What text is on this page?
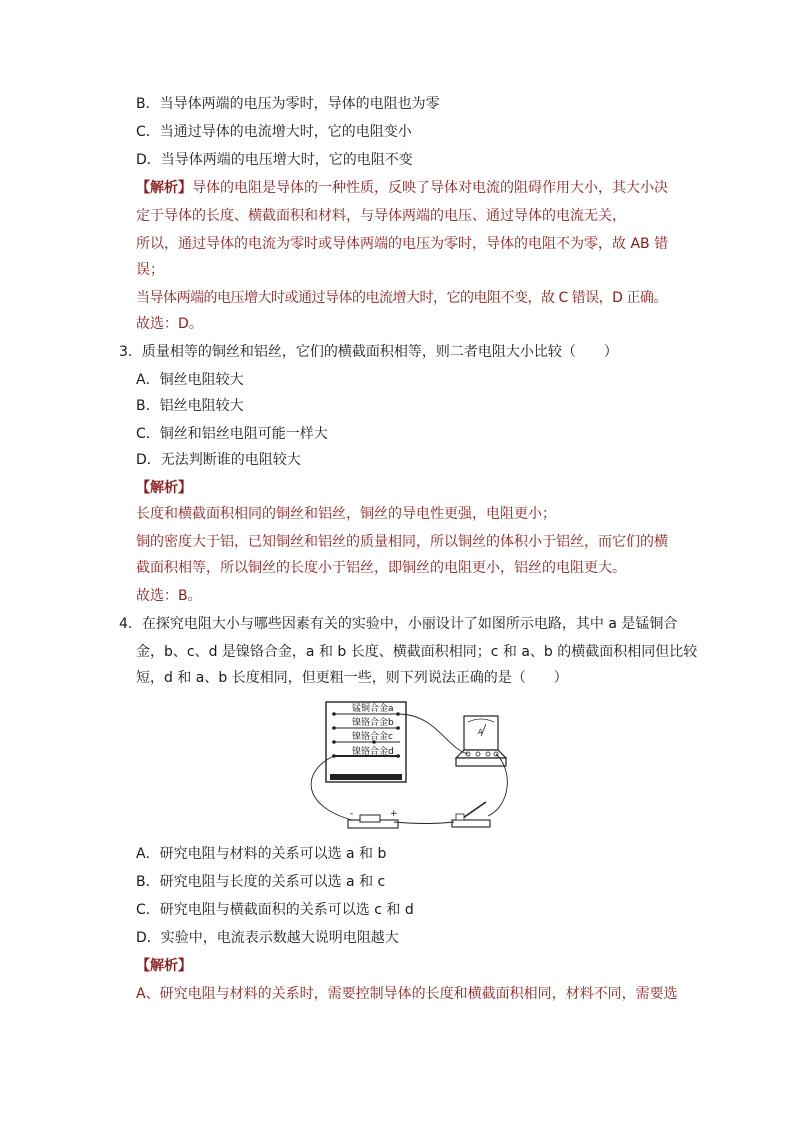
B．当导体两端的电压为零时，导体的电阻也为零
C．当通过导体的电流增大时，它的电阻变小
D．当导体两端的电压增大时，它的电阻不变
【解析】导体的电阻是导体的一种性质，反映了导体对电流的阻碍作用大小，其大小决
定于导体的长度、横截面积和材料，与导体两端的电压、通过导体的电流无关，
所以，通过导体的电流为零时或导体两端的电压为零时，导体的电阻不为零，故 AB 错
误；
当导体两端的电压增大时或通过导体的电流增大时，它的电阻不变，故 C 错误，D 正确。
故选：D。
3．质量相等的铜丝和铝丝，它们的横截面积相等，则二者电阻大小比较（　　）
A．铜丝电阻较大
B．铝丝电阻较大
C．铜丝和铝丝电阻可能一样大
D．无法判断谁的电阻较大
【解析】
长度和横截面积相同的铜丝和铝丝，铜丝的导电性更强，电阻更小；
铜的密度大于铝，已知铜丝和铝丝的质量相同，所以铜丝的体积小于铝丝，而它们的横
截面积相等，所以铜丝的长度小于铝丝，即铜丝的电阻更小，铝丝的电阻更大。
故选：B。
4．在探究电阻大小与哪些因素有关的实验中，小丽设计了如图所示电路，其中 a 是锰铜合
金，b、c、d 是镍铬合金，a 和 b 长度、横截面积相同；c 和 a、b 的横截面积相同但比较
短，d 和 a、b 长度相同，但更粗一些，则下列说法正确的是（　　）
锰铜合金a
镍铬合金b
镍铬合金c
镍铬合金d
A
-	+
A．研究电阻与材料的关系可以选 a 和 b
B．研究电阻与长度的关系可以选 a 和 c
C．研究电阻与横截面积的关系可以选 c 和 d
D．实验中，电流表示数越大说明电阻越大
【解析】
A、研究电阻与材料的关系时，需要控制导体的长度和横截面积相同，材料不同，需要选
